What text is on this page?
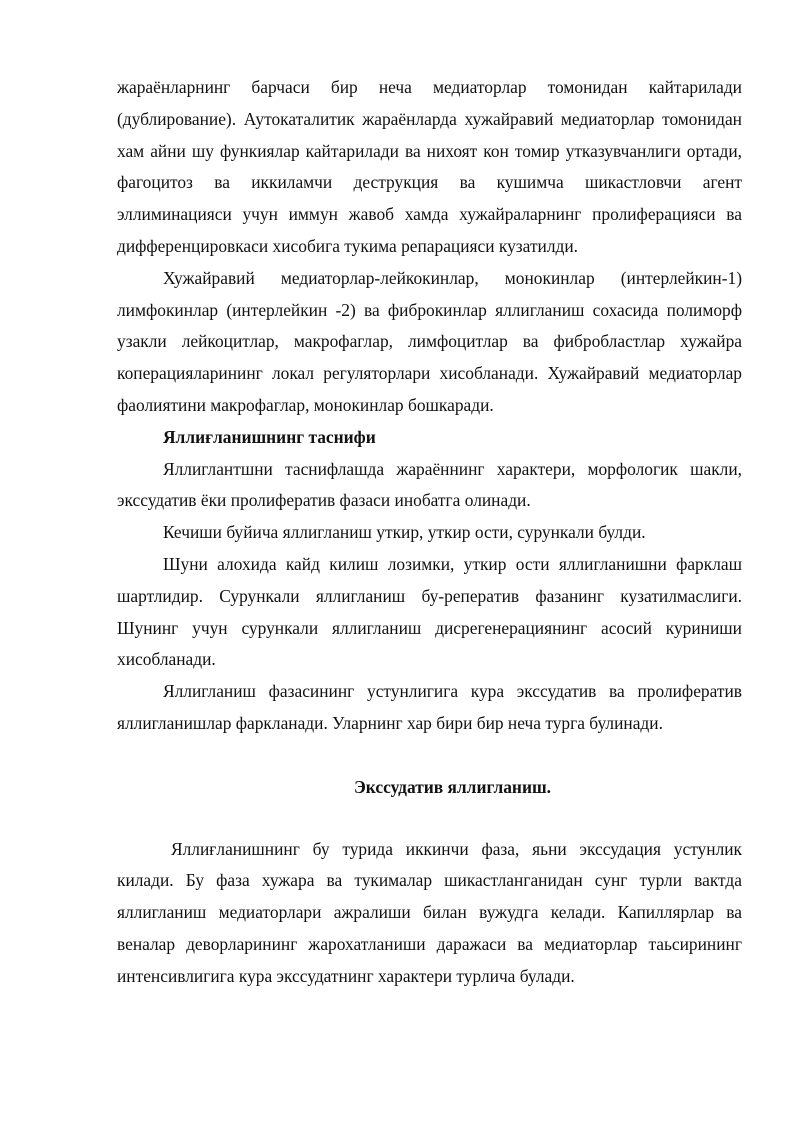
жараёнларнинг барчаси бир неча медиаторлар томонидан кайтарилади (дублирование). Аутокаталитик жараёнларда хужайравий медиаторлар томонидан хам айни шу функиялар кайтарилади ва нихоят кон томир утказувчанлиги ортади, фагоцитоз ва иккиламчи деструкция ва кушимча шикастловчи агент эллиминацияси учун иммун жавоб хамда хужайраларнинг пролиферацияси ва дифференцировкаси хисобига тукима репарацияси кузатилди.

Хужайравий медиаторлар-лейкокинлар, монокинлар (интерлейкин-1) лимфокинлар (интерлейкин -2) ва фиброкинлар яллигланиш сохасида полиморф узакли лейкоцитлар, макрофаглар, лимфоцитлар ва фибробластлар хужайра коперацияларининг локал регуляторлари хисобланади. Хужайравий медиаторлар фаолиятини макрофаглар, монокинлар бошкаради.

Яллиғланишнинг таснифи

Яллиглантшни таснифлашда жараённинг характери, морфологик шакли, экссудатив ёки пролифератив фазаси инобатга олинади.

Кечиши буйича яллигланиш уткир, уткир ости, сурункали булди.

Шуни алохида кайд килиш лозимки, уткир ости яллигланишни фарклаш шартлидир. Сурункали яллигланиш бу-реперaтив фазанинг кузатилмаслиги. Шунинг учун сурункали яллигланиш дисрегенерациянинг асосий куриниши хисобланади.

Яллигланиш фазасининг устунлигига кура экссудатив ва пролифератив яллигланишлар фаркланади. Уларнинг хар бири бир неча турга булинади.

Экссудатив яллигланиш.

Яллиғланишнинг бу турида иккинчи фаза, яьни экссудация устунлик килади. Бу фаза хужара ва тукималар шикастланганидан сунг турли вактда яллигланиш медиаторлари ажралиши билан вужудга келади. Капиллярлар ва веналар деворларининг жарохатланиши даражаси ва медиаторлар таьсирининг интенсивлигига кура экссудатнинг характери турлича булади.
